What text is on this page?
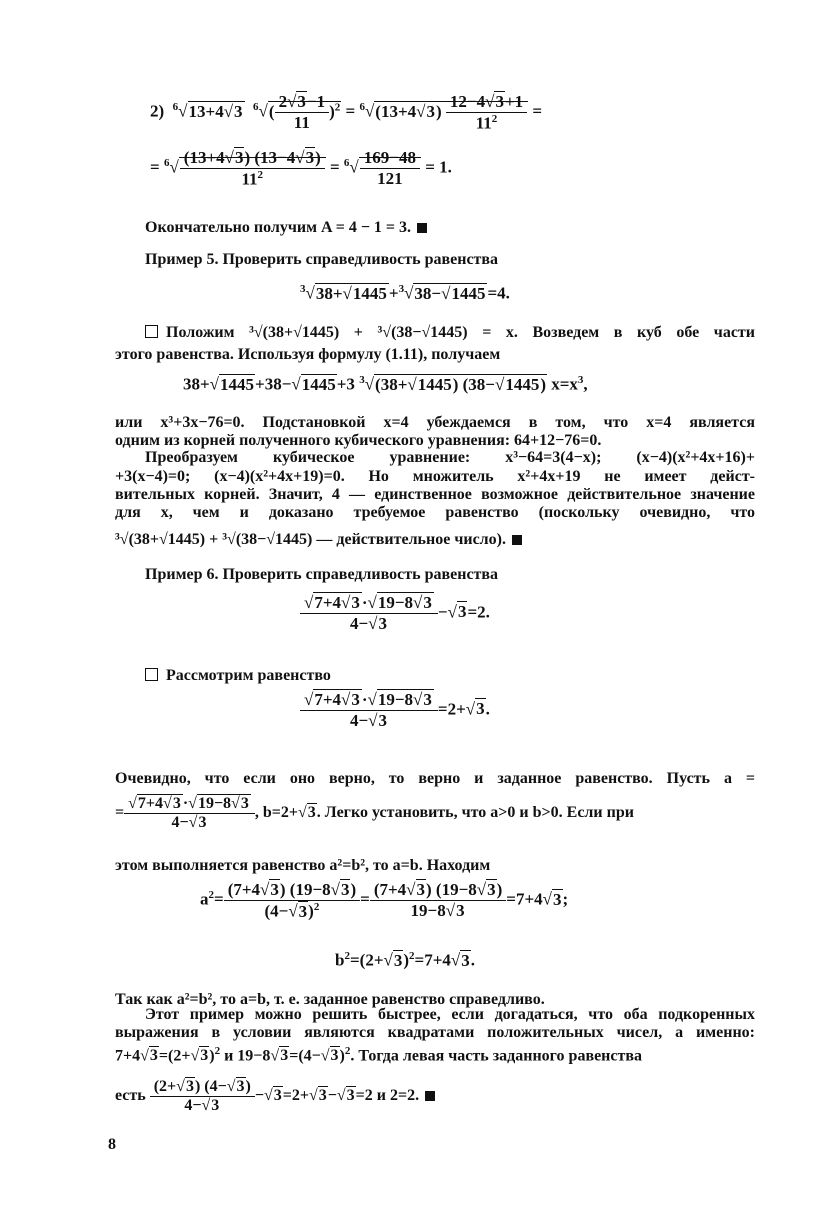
2)  $^6$√13+4√3 $^6√( \frac{2√3-1}{11} )^2 = ^6√(13+4√3) \frac{12-4√3+1}{11^2}$ =
= $^6√ \frac{(13+4√3) (13-4√3)}{11^2} = ^6√ \frac{169-48}{121} = 1$.
Окончательно получим A = 4 − 1 = 3.
Пример 5. Проверить справедливость равенства
$^3$√38+√1445 +$^3$√38−√1445 =4.
Положим ³√(38+√1445) + ³√(38−√1445) = x. Возведем в куб обе части
этого равенства. Используя формулу (1.11), получаем
38+√1445+38−√1445+3 $^3$√(38+√1445) (38−√1445) $x=x^3$,
или x³+3x−76=0. Подстановкой x=4 убеждаемся в том, что x=4 является
одним из корней полученного кубического уравнения: 64+12−76=0.
Преобразуем кубическое уравнение: x³−64=3(4−x); (x−4)(x²+4x+16)+
+3(x−4)=0; (x−4)(x²+4x+19)=0. Но множитель x²+4x+19 не имеет дейст-
вительных корней. Значит, 4 — единственное возможное действительное значение
для x, чем и доказано требуемое равенство (поскольку очевидно, что
³√(38+√1445) + ³√(38−√1445) — действительное число).
Пример 6. Проверить справедливость равенства
$\frac{√7+4√3 \cdot√19-8√3}{4-√3} -√3=2$.
Рассмотрим равенство
$\frac{√7+4√3 \cdot√19-8√3}{4-√3} =2+√3$.
Очевидно, что если оно верно, то верно и заданное равенство. Пусть a =
= $\frac{√7+4√3 \cdot√19-8√3}{4-√3}$ , b=2+√3. Легко установить, что a>0 и b>0. Если при
этом выполняется равенство a²=b², то a=b. Находим
$a^2= \frac{(7+4√3) (19-8√3)}{(4-√3)^2} = \frac{(7+4√3) (19-8√3)}{19-8√3} =7+4√3$;
$b^2=(2+√3)^2=7+4√3$.
Так как a²=b², то a=b, т. е. заданное равенство справедливо.
Этот пример можно решить быстрее, если догадаться, что оба подкоренных
выражения в условии являются квадратами положительных чисел, а именно:
$7+4√3=(2+√3)^2$ и $19-8√3=(4-√3)^2$. Тогда левая часть заданного равенства
есть $\frac{(2+√3) (4-√3)}{4-√3} -√3=2+√3-√3=2$ и 2=2.
8
